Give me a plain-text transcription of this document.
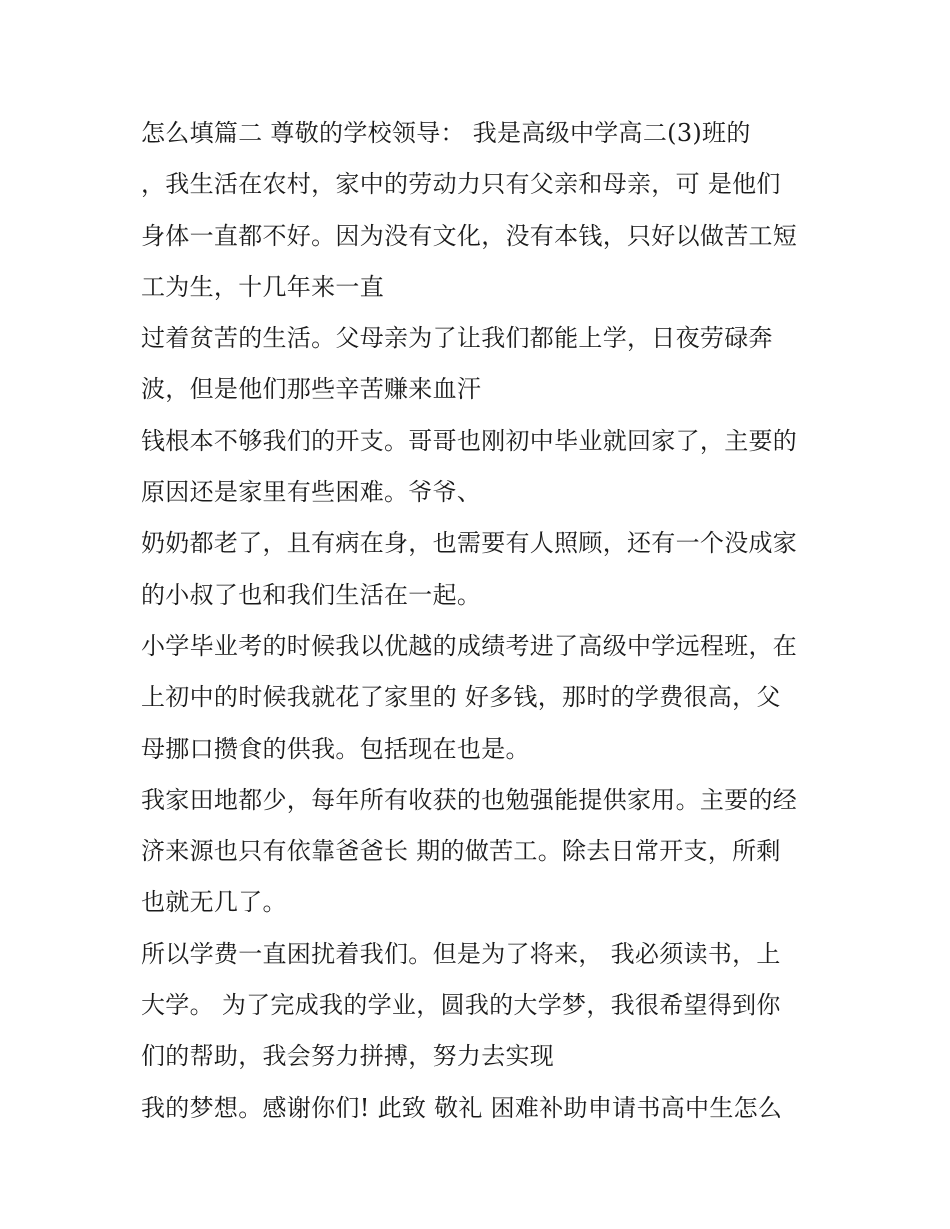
怎么填篇二 尊敬的学校领导： 我是高级中学高二(3)班的
，我生活在农村，家中的劳动力只有父亲和母亲，可 是他们
身体一直都不好。因为没有文化，没有本钱，只好以做苦工短
工为生，十几年来一直
过着贫苦的生活。父母亲为了让我们都能上学，日夜劳碌奔
波，但是他们那些辛苦赚来血汗
钱根本不够我们的开支。哥哥也刚初中毕业就回家了，主要的
原因还是家里有些困难。爷爷、
奶奶都老了，且有病在身，也需要有人照顾，还有一个没成家
的小叔了也和我们生活在一起。
小学毕业考的时候我以优越的成绩考进了高级中学远程班，在
上初中的时候我就花了家里的 好多钱，那时的学费很高，父
母挪口攒食的供我。包括现在也是。
我家田地都少，每年所有收获的也勉强能提供家用。主要的经
济来源也只有依靠爸爸长 期的做苦工。除去日常开支，所剩
也就无几了。
所以学费一直困扰着我们。但是为了将来， 我必须读书，上
大学。 为了完成我的学业，圆我的大学梦，我很希望得到你
们的帮助，我会努力拼搏，努力去实现
我的梦想。感谢你们! 此致 敬礼 困难补助申请书高中生怎么
